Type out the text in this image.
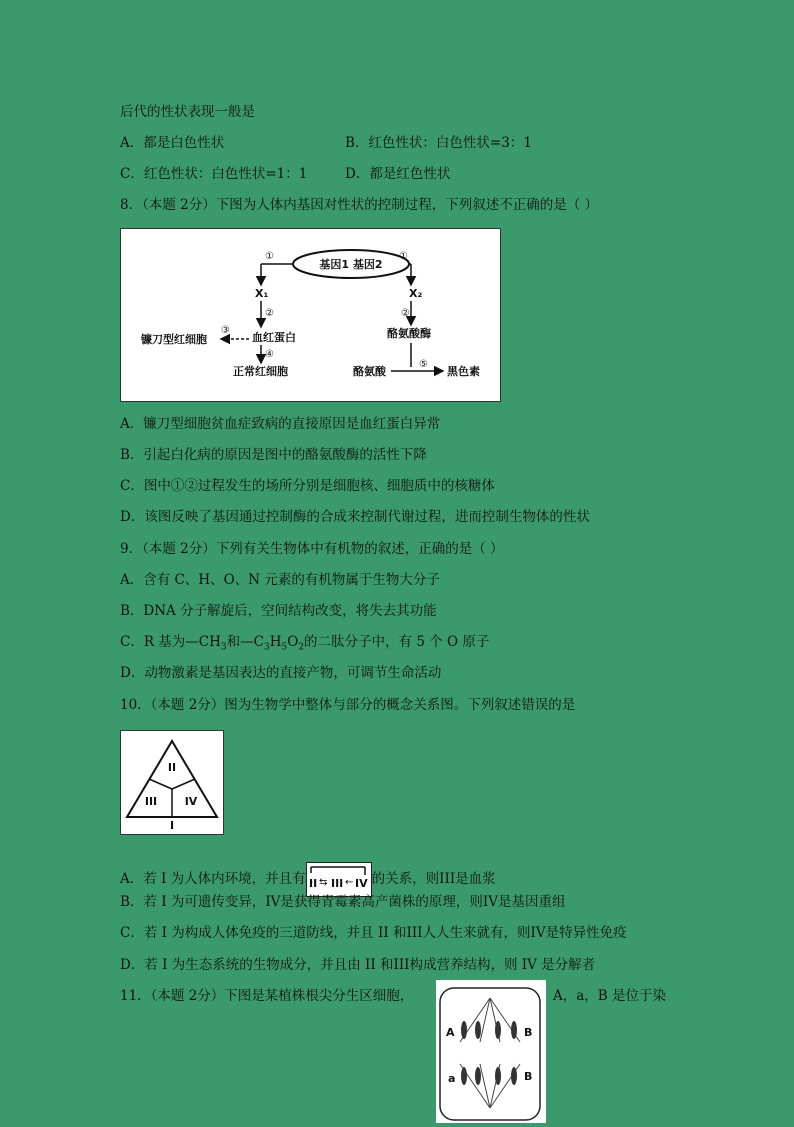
后代的性状表现一般是
A．都是白色性状	B．红色性状：白色性状=3：1
C．红色性状：白色性状=1：1	D．都是红色性状
8．（本题 2分）下图为人体内基因对性状的控制过程，下列叙述不正确的是（ ）
基因1 基因2
①
X₁
②
血红蛋白
③
镰刀型红细胞
④
正常红细胞
①
X₂
②
酪氨酸酶
酪氨酸
⑤
黑色素
A．镰刀型细胞贫血症致病的直接原因是血红蛋白异常
B．引起白化病的原因是图中的酪氨酸酶的活性下降
C．图中①②过程发生的场所分别是细胞核、细胞质中的核糖体
D．该图反映了基因通过控制酶的合成来控制代谢过程，进而控制生物体的性状
9．（本题 2分）下列有关生物体中有机物的叙述，正确的是（ ）
A．含有 C、H、O、N 元素的有机物属于生物大分子
B．DNA 分子解旋后，空间结构改变，将失去其功能
C．R 基为$—CH_3$和$—C_3H_5O_2$的二肽分子中，有 5 个 O 原子
D．动物激素是基因表达的直接产物，可调节生命活动
10．（本题 2分）图为生物学中整体与部分的概念关系图。下列叙述错误的是
II
III	IV
I
A．若 I 为人体内环境，并且有 II ⇆ III ← IV 的关系，则III是血浆
B．若 I 为可遗传变异，IV是获得青霉素高产菌株的原理，则IV是基因重组
C．若 I 为构成人体免疫的三道防线，并且 II 和III人人生来就有，则IV是特异性免疫
D．若 I 为生态系统的生物成分，并且由 II 和III构成营养结构，则 IV 是分解者
11．（本题 2分）下图是某植株根尖分生区细胞，
A	B
a	B
A，a，B 是位于染
